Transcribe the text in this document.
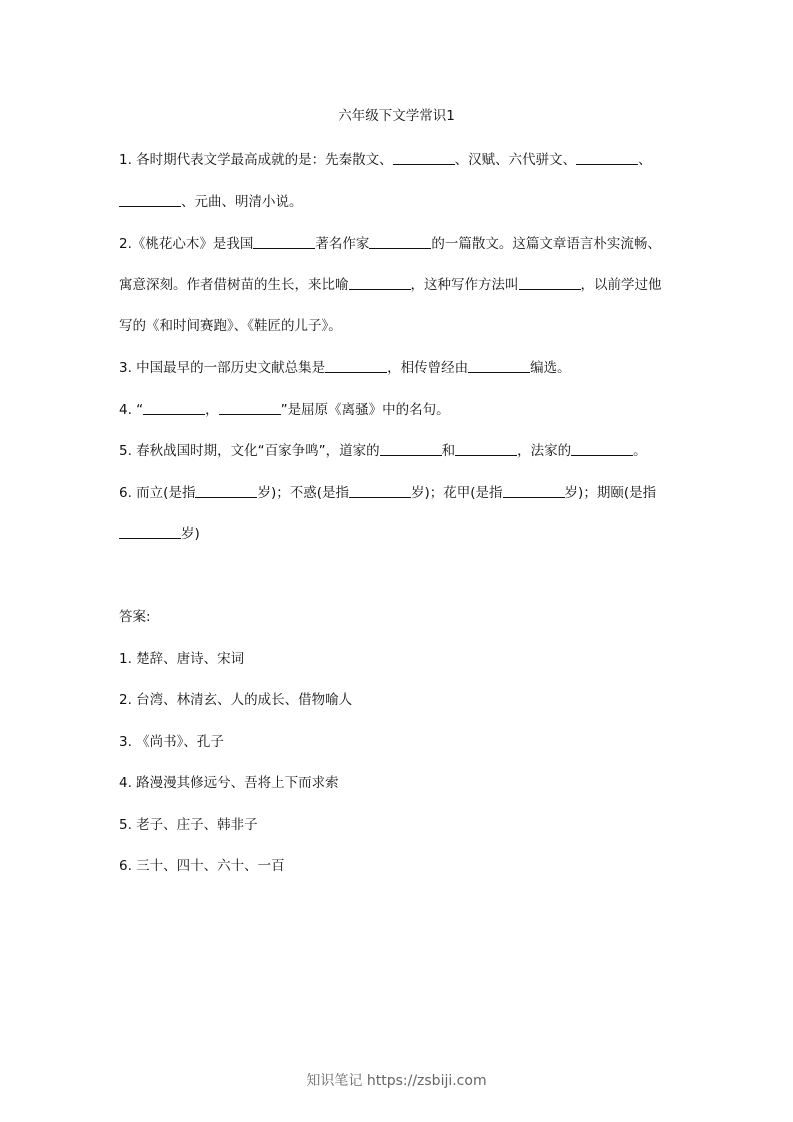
六年级下文学常识1
1. 各时期代表文学最高成就的是：先秦散文、	、汉赋、六代骈文、	、
、元曲、明清小说。
2.《桃花心木》是我国	著名作家	的一篇散文。这篇文章语言朴实流畅、
寓意深刻。作者借树苗的生长，来比喻	，这种写作方法叫	，以前学过他
写的《和时间赛跑》、《鞋匠的儿子》。
3. 中国最早的一部历史文献总集是	，相传曾经由	编选。
4. “	，	”是屈原《离骚》中的名句。
5. 春秋战国时期，文化“百家争鸣”，道家的	和	，法家的	。
6. 而立(是指	岁)；不惑(是指	岁)；花甲(是指	岁)；期颐(是指
岁)
答案:
1. 楚辞、唐诗、宋词
2. 台湾、林清玄、人的成长、借物喻人
3. 《尚书》、孔子
4. 路漫漫其修远兮、吾将上下而求索
5. 老子、庄子、韩非子
6. 三十、四十、六十、一百
知识笔记 https://zsbiji.com
